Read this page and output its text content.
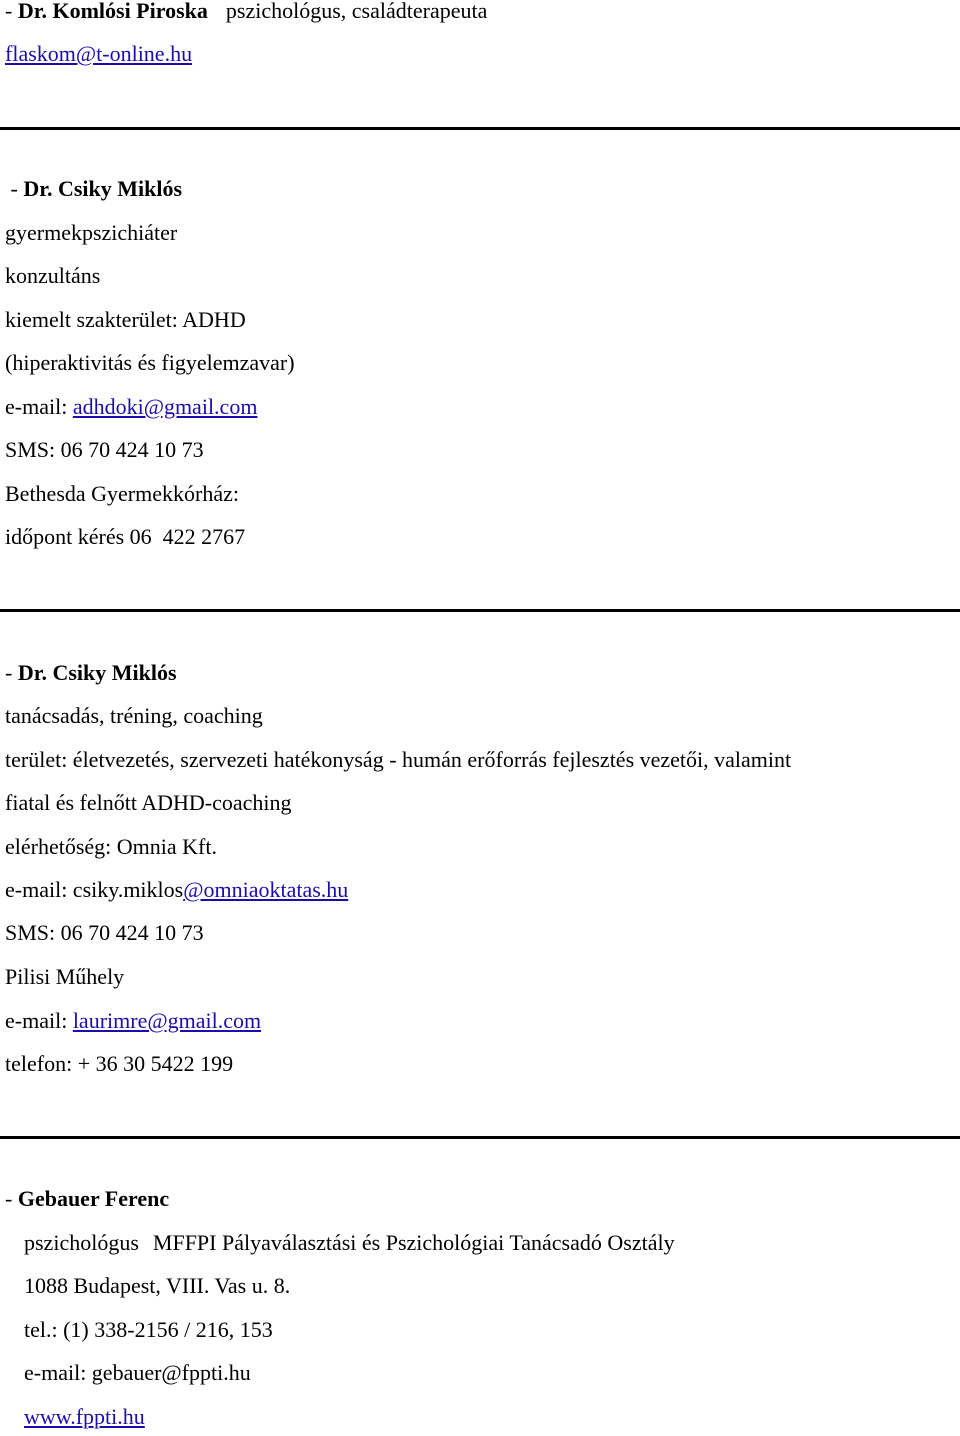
- Dr. Komlósi Piroska pszichológus, családterapeuta
flaskom@t-online.hu
- Dr. Csiky Miklós
gyermekpszichiáter
konzultáns
kiemelt szakterület: ADHD
(hiperaktivitás és figyelemzavar)
e-mail: adhdoki@gmail.com
SMS: 06 70 424 10 73
Bethesda Gyermekkórház:
időpont kérés 06  422 2767
- Dr. Csiky Miklós
tanácsadás, tréning, coaching
terület: életvezetés, szervezeti hatékonyság - humán erőforrás fejlesztés vezetői, valamint
fiatal és felnőtt ADHD-coaching
elérhetőség: Omnia Kft.
e-mail: csiky.miklos@omniaoktatas.hu
SMS: 06 70 424 10 73
Pilisi Műhely
e-mail: laurimre@gmail.com
telefon: + 36 30 5422 199
- Gebauer Ferenc
pszichológus MFFPI Pályaválasztási és Pszichológiai Tanácsadó Osztály
1088 Budapest, VIII. Vas u. 8.
tel.: (1) 338-2156 / 216, 153
e-mail: gebauer@fppti.hu
www.fppti.hu
